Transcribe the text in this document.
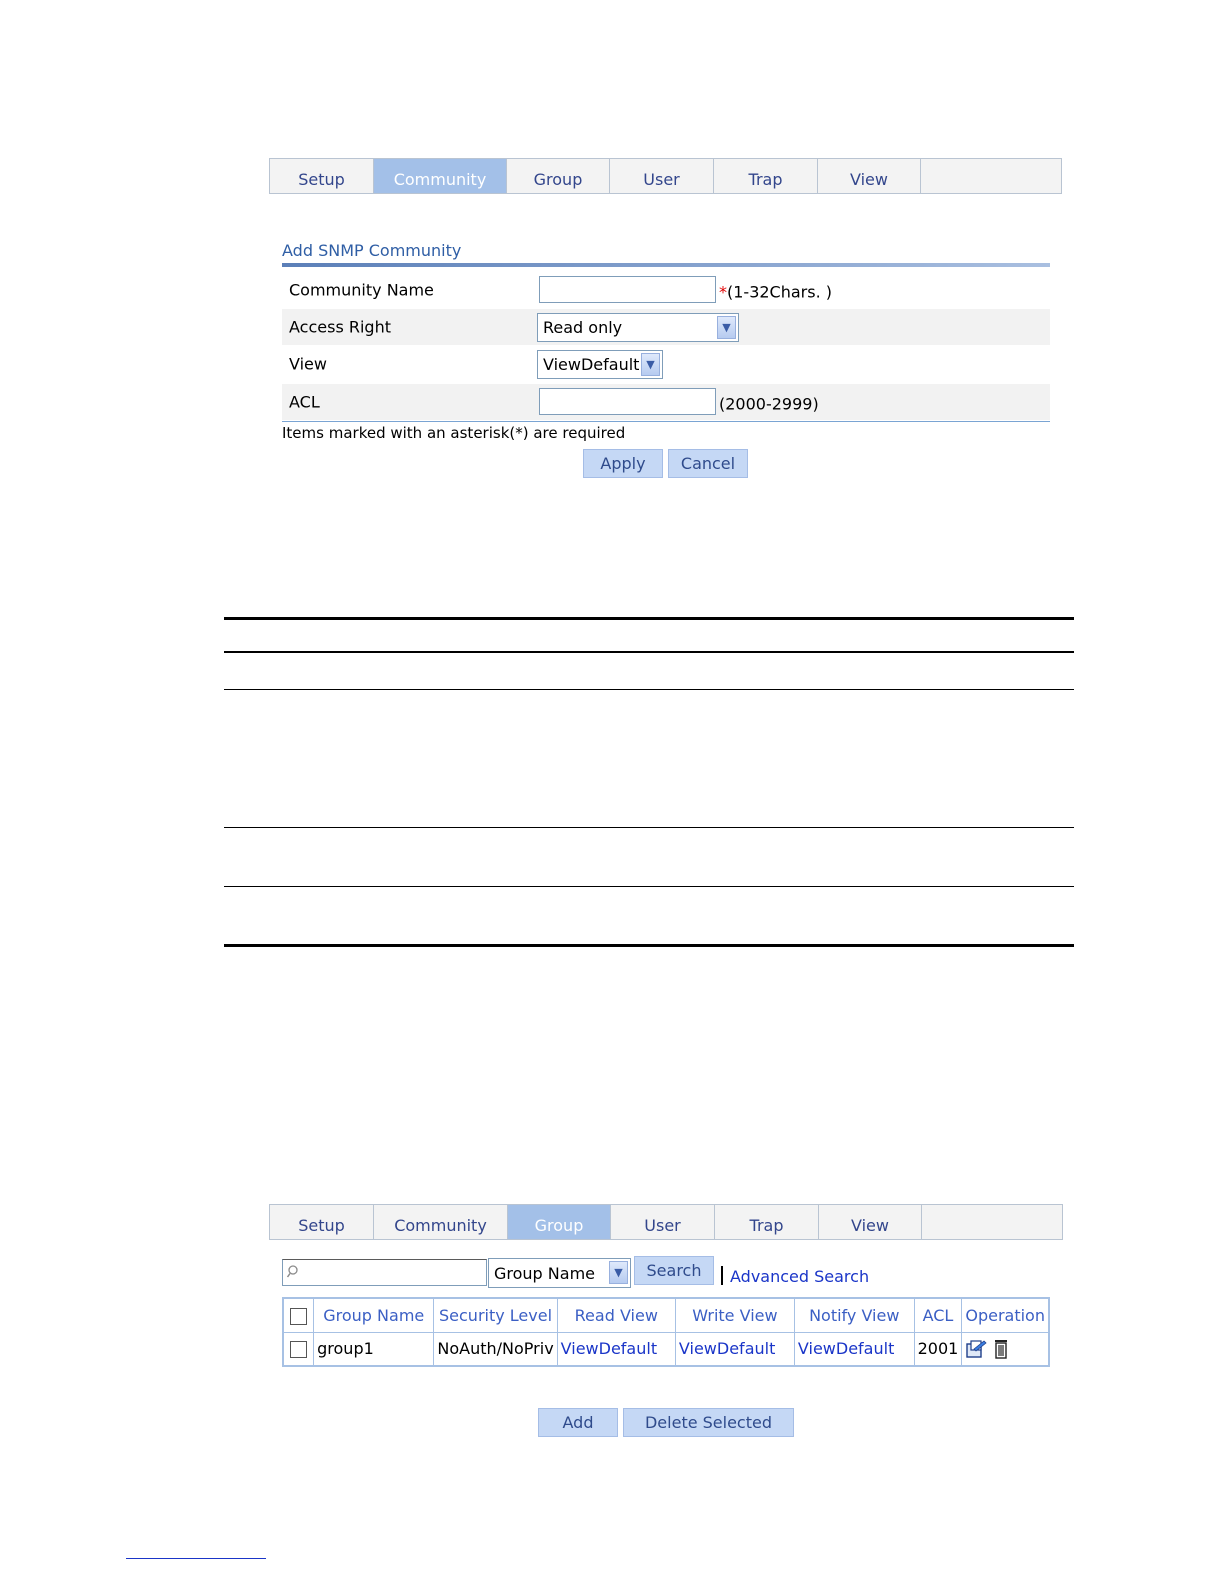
Setup	Community	Group	User	Trap	View
Add SNMP Community
Community Name	*(1-32Chars. )
Access Right	Read only	▼
View	ViewDefault ▼
ACL	(2000-2999)
Items marked with an asterisk(*) are required
Apply	Cancel
Setup	Community	Group	User	Trap	View
Group Name	▼	Search	Advanced Search
	Group Name	Security Level	Read View	Write View	Notify View	ACL	Operation
	group1	NoAuth/NoPriv	ViewDefault	ViewDefault	ViewDefault	2001	
Add	Delete Selected
